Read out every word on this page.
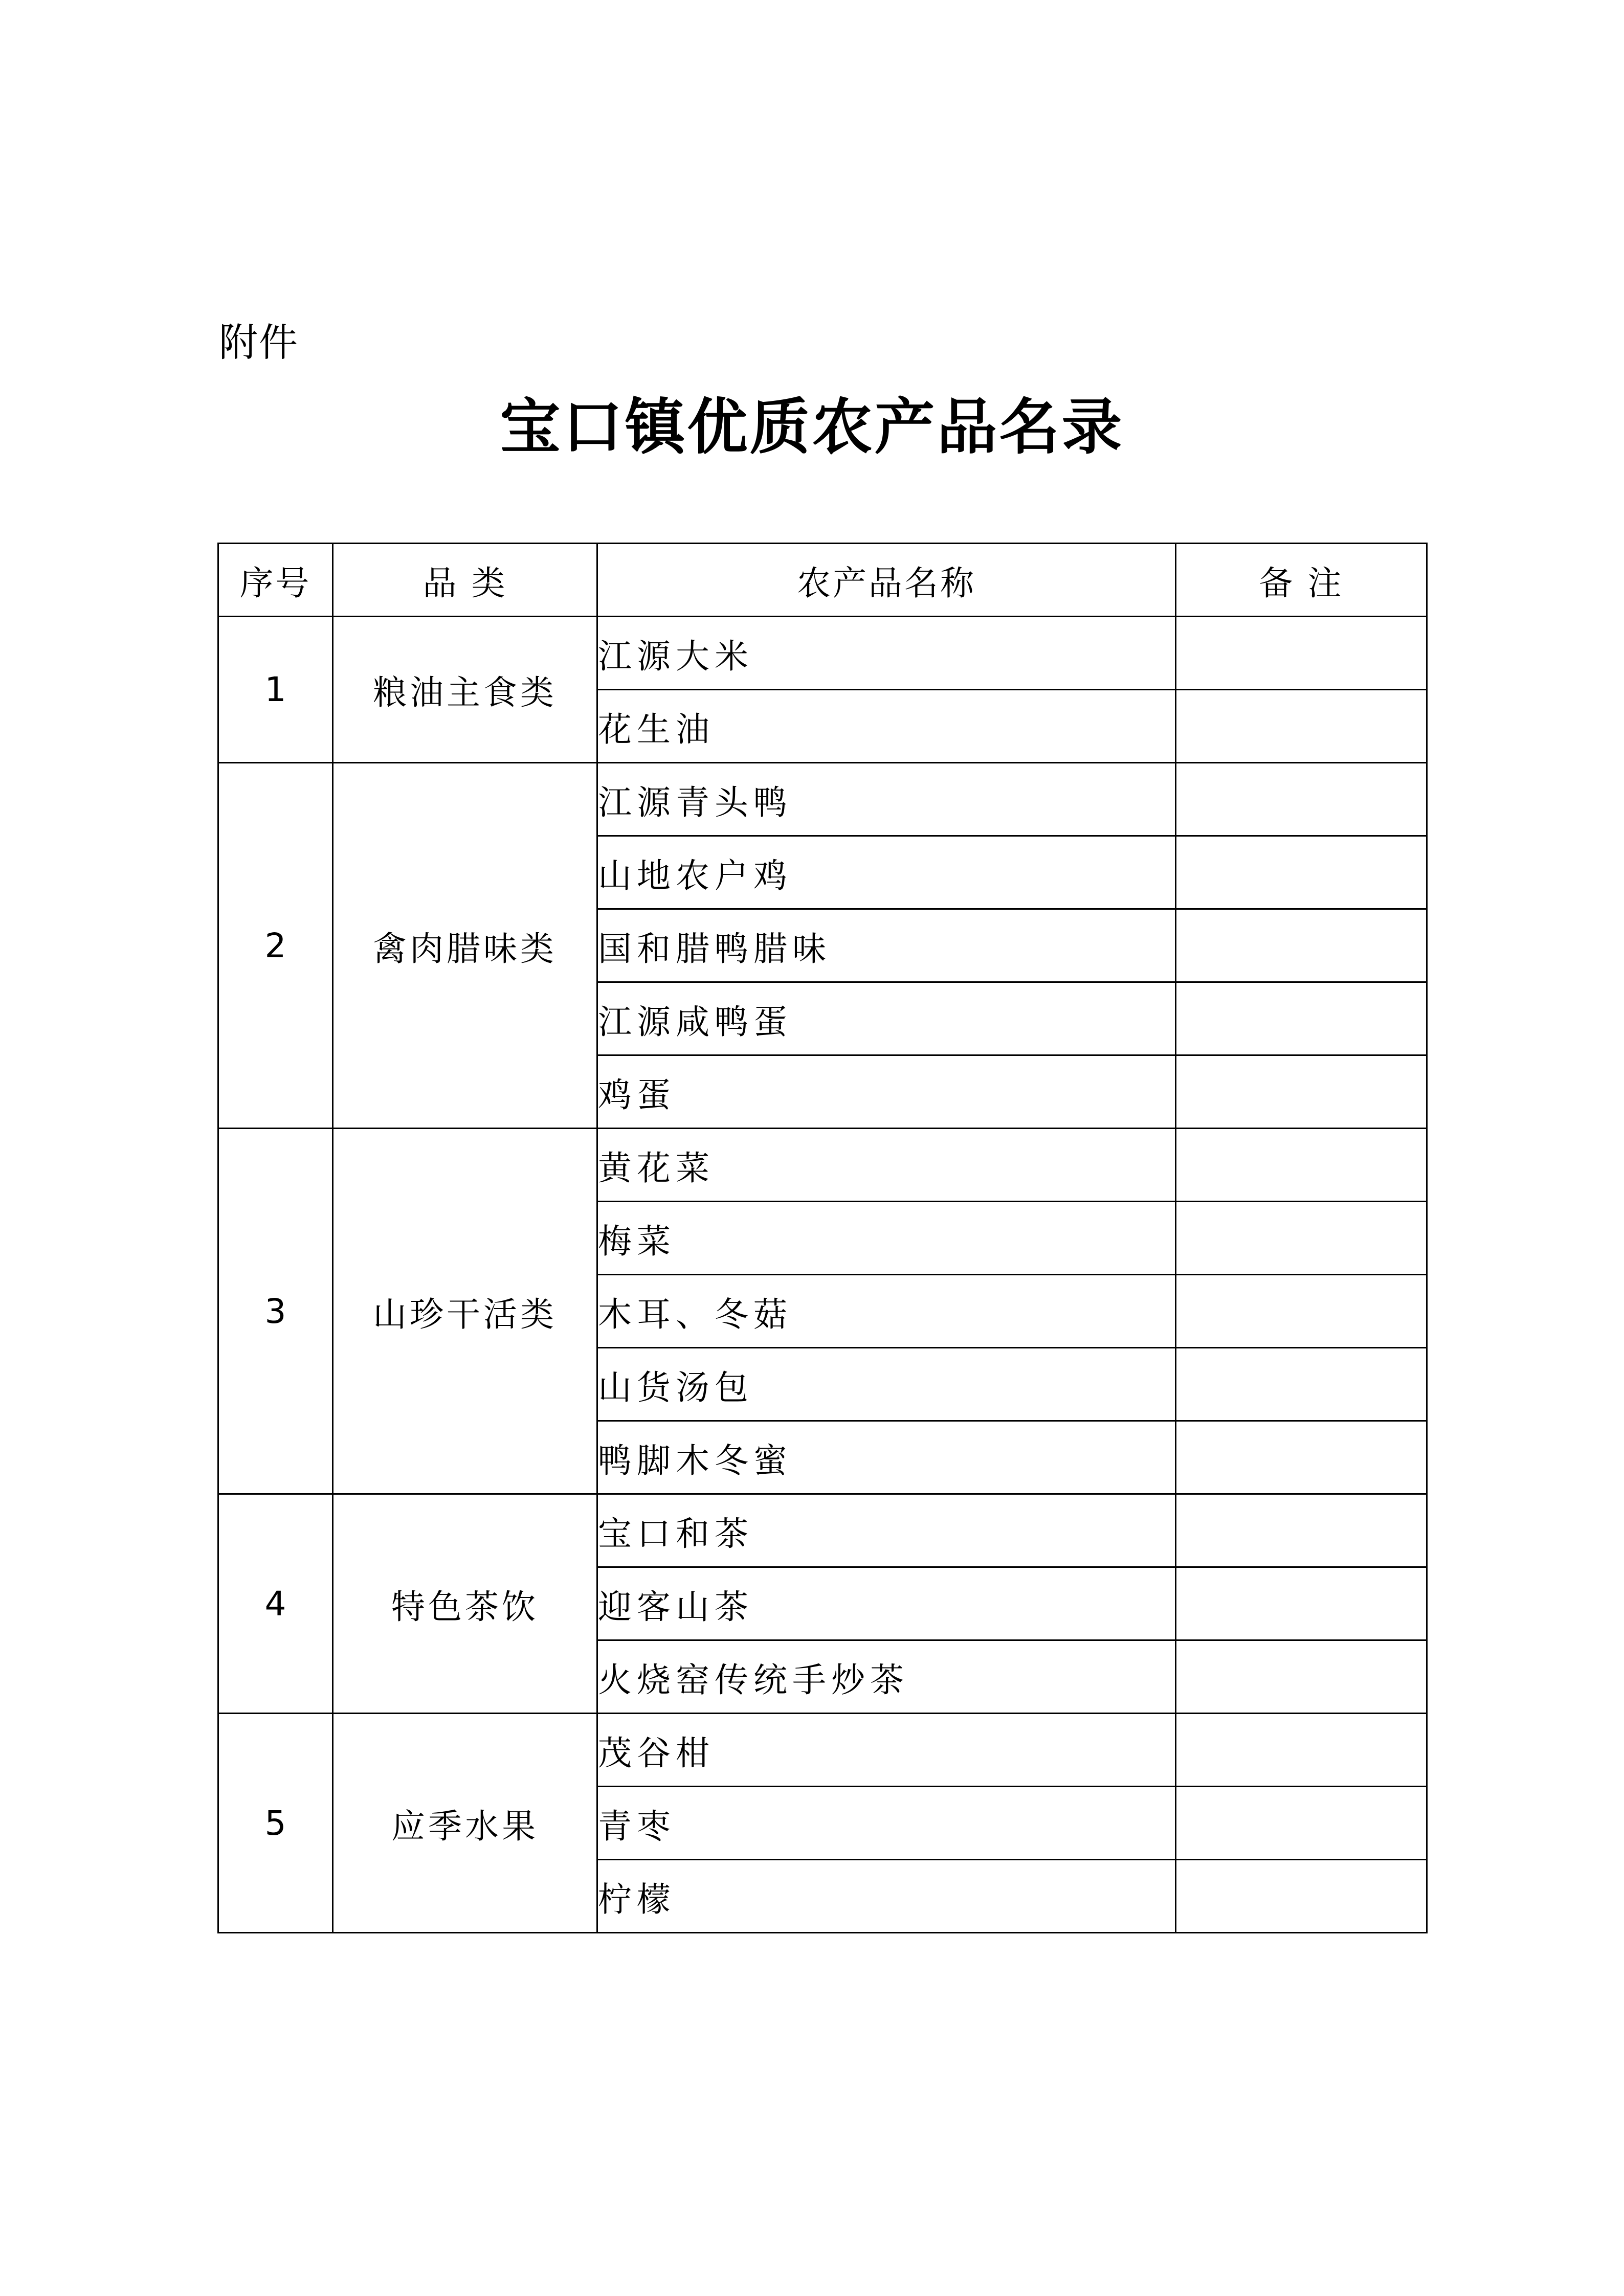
附件
宝口镇优质农产品名录
序号	品 类	农产品名称	备 注
1	粮油主食类	江源大米	
		花生油	
2	禽肉腊味类	江源青头鸭	
		山地农户鸡	
		国和腊鸭腊味	
		江源咸鸭蛋	
		鸡蛋	
3	山珍干活类	黄花菜	
		梅菜	
		木耳、冬菇	
		山货汤包	
		鸭脚木冬蜜	
4	特色茶饮	宝口和茶	
		迎客山茶	
		火烧窑传统手炒茶	
5	应季水果	茂谷柑	
		青枣	
		柠檬	
